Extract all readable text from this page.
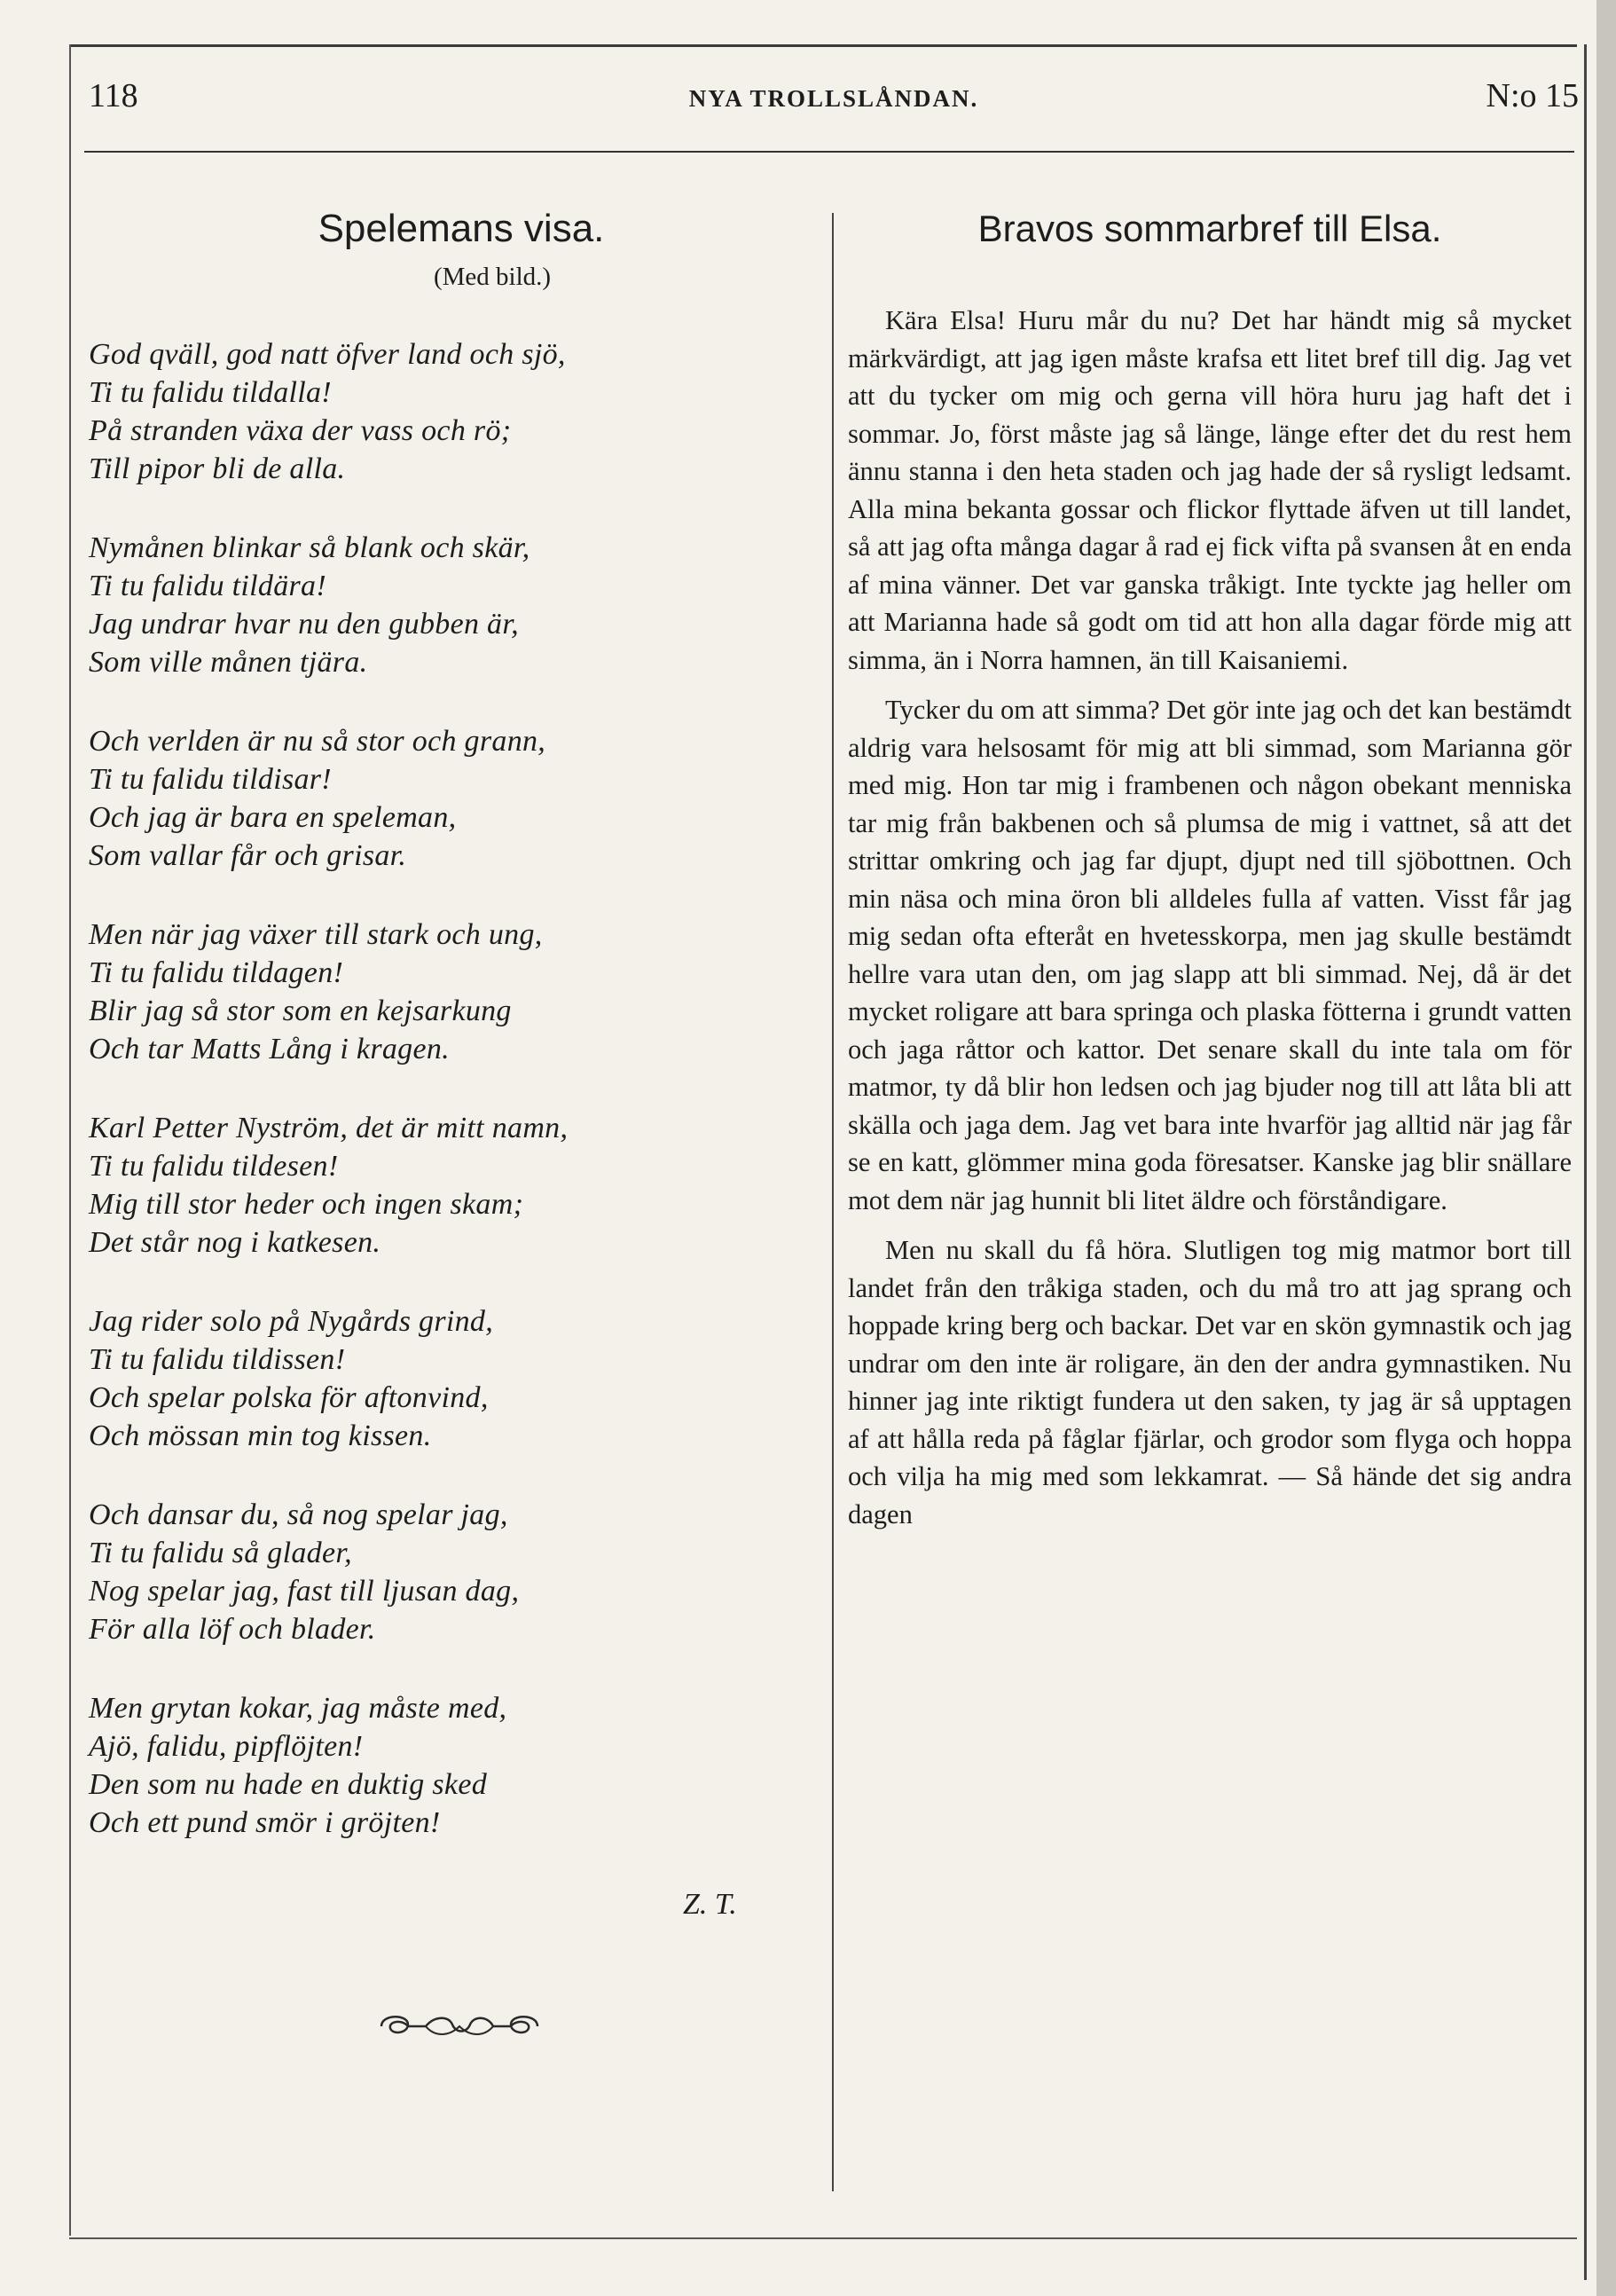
118	NYA TROLLSLÅNDAN.	N:o 15
Spelemans visa.
(Med bild.)
God qväll, god natt öfver land och sjö,
Ti tu falidu tildalla!
På stranden växa der vass och rö;
Till pipor bli de alla.
Nymånen blinkar så blank och skär,
Ti tu falidu tildära!
Jag undrar hvar nu den gubben är,
Som ville månen tjära.
Och verlden är nu så stor och grann,
Ti tu falidu tildisar!
Och jag är bara en speleman,
Som vallar får och grisar.
Men när jag växer till stark och ung,
Ti tu falidu tildagen!
Blir jag så stor som en kejsarkung
Och tar Matts Lång i kragen.
Karl Petter Nyström, det är mitt namn,
Ti tu falidu tildesen!
Mig till stor heder och ingen skam;
Det står nog i katkesen.
Jag rider solo på Nygårds grind,
Ti tu falidu tildissen!
Och spelar polska för aftonvind,
Och mössan min tog kissen.
Och dansar du, så nog spelar jag,
Ti tu falidu så glader,
Nog spelar jag, fast till ljusan dag,
För alla löf och blader.
Men grytan kokar, jag måste med,
Ajö, falidu, pipflöjten!
Den som nu hade en duktig sked
Och ett pund smör i gröjten!
Z. T.
Bravos sommarbref till Elsa.

Kära Elsa! Huru mår du nu? Det har händt mig så mycket märkvärdigt, att jag igen måste krafsa ett litet bref till dig. Jag vet att du tycker om mig och gerna vill höra huru jag haft det i sommar. Jo, först måste jag så länge, länge efter det du rest hem ännu stanna i den heta staden och jag hade der så rysligt ledsamt. Alla mina bekanta gossar och flickor flyttade äfven ut till landet, så att jag ofta många dagar å rad ej fick vifta på svansen åt en enda af mina vänner. Det var ganska tråkigt. Inte tyckte jag heller om att Marianna hade så godt om tid att hon alla dagar förde mig att simma, än i Norra hamnen, än till Kaisaniemi.

Tycker du om att simma? Det gör inte jag och det kan bestämdt aldrig vara helsosamt för mig att bli simmad, som Marianna gör med mig. Hon tar mig i frambenen och någon obekant menniska tar mig från bakbenen och så plumsa de mig i vattnet, så att det strittar omkring och jag far djupt, djupt ned till sjöbottnen. Och min näsa och mina öron bli alldeles fulla af vatten. Visst får jag mig sedan ofta efteråt en hvetesskorpa, men jag skulle bestämdt hellre vara utan den, om jag slapp att bli simmad. Nej, då är det mycket roligare att bara springa och plaska fötterna i grundt vatten och jaga råttor och kattor. Det senare skall du inte tala om för matmor, ty då blir hon ledsen och jag bjuder nog till att låta bli att skälla och jaga dem. Jag vet bara inte hvarför jag alltid när jag får se en katt, glömmer mina goda föresatser. Kanske jag blir snällare mot dem när jag hunnit bli litet äldre och förståndigare.

Men nu skall du få höra. Slutligen tog mig matmor bort till landet från den tråkiga staden, och du må tro att jag sprang och hoppade kring berg och backar. Det var en skön gymnastik och jag undrar om den inte är roligare, än den der andra gymnastiken. Nu hinner jag inte riktigt fundera ut den saken, ty jag är så upptagen af att hålla reda på fåglar fjärlar, och grodor som flyga och hoppa och vilja ha mig med som lekkamrat. — Så hände det sig andra dagen
